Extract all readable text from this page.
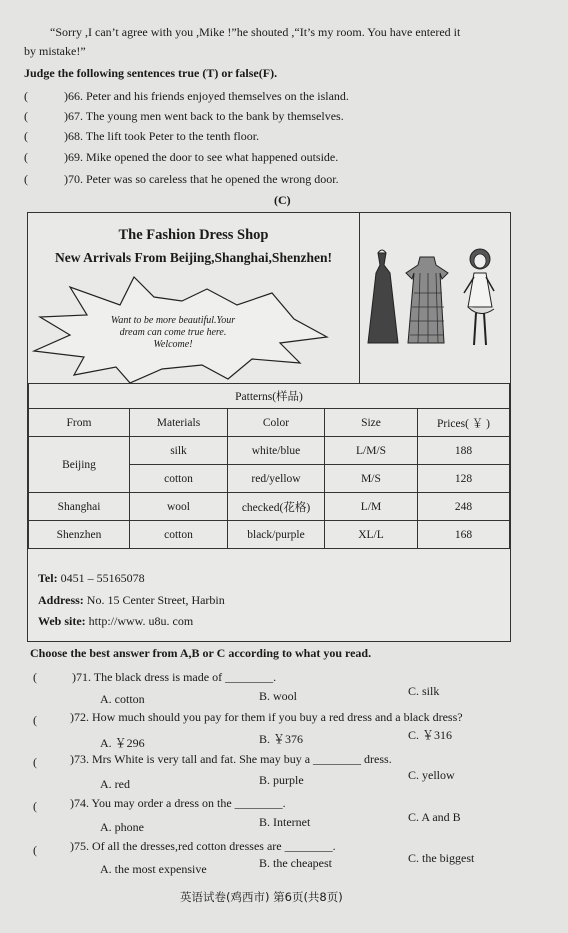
“Sorry ,I can’t agree with you ,Mike !”he shouted ,“It’s my room. You have entered it
by mistake!”
Judge the following sentences true (T) or false(F).
(	)66. Peter and his friends enjoyed themselves on the island.
(	)67. The young men went back to the bank by themselves.
(	)68. The lift took Peter to the tenth floor.
(	)69. Mike opened the door to see what happened outside.
(	)70. Peter was so careless that he opened the wrong door.
(C)
The Fashion Dress Shop
New Arrivals From Beijing,Shanghai,Shenzhen!
Want to be more beautiful.Your
dream can come true here.
Welcome!
Patterns(样品)				
From	Materials	Color	Size	Prices( ￥ )
Beijing	silk	white/blue	L/M/S	188
	cotton	red/yellow	M/S	128
Shanghai	wool	checked(花格)	L/M	248
Shenzhen	cotton	black/purple	XL/L	168
Tel: 0451 – 55165078
Address: No. 15 Center Street, Harbin
Web site: http://www. u8u. com
Choose the best answer from A,B or C according to what you read.
(	)71. The black dress is made of ________.
A. cotton	B. wool	C. silk
(	)72. How much should you pay for them if you buy a red dress and a black dress?
A. ￥296	B. ￥376	C. ￥316
(	)73. Mrs White is very tall and fat. She may buy a ________ dress.
A. red	B. purple	C. yellow
(	)74. You may order a dress on the ________.
A. phone	B. Internet	C. A and B
(	)75. Of all the dresses,red cotton dresses are ________.
A. the most expensive	B. the cheapest	C. the biggest
英语试卷(鸡西市) 第6页(共8页)
